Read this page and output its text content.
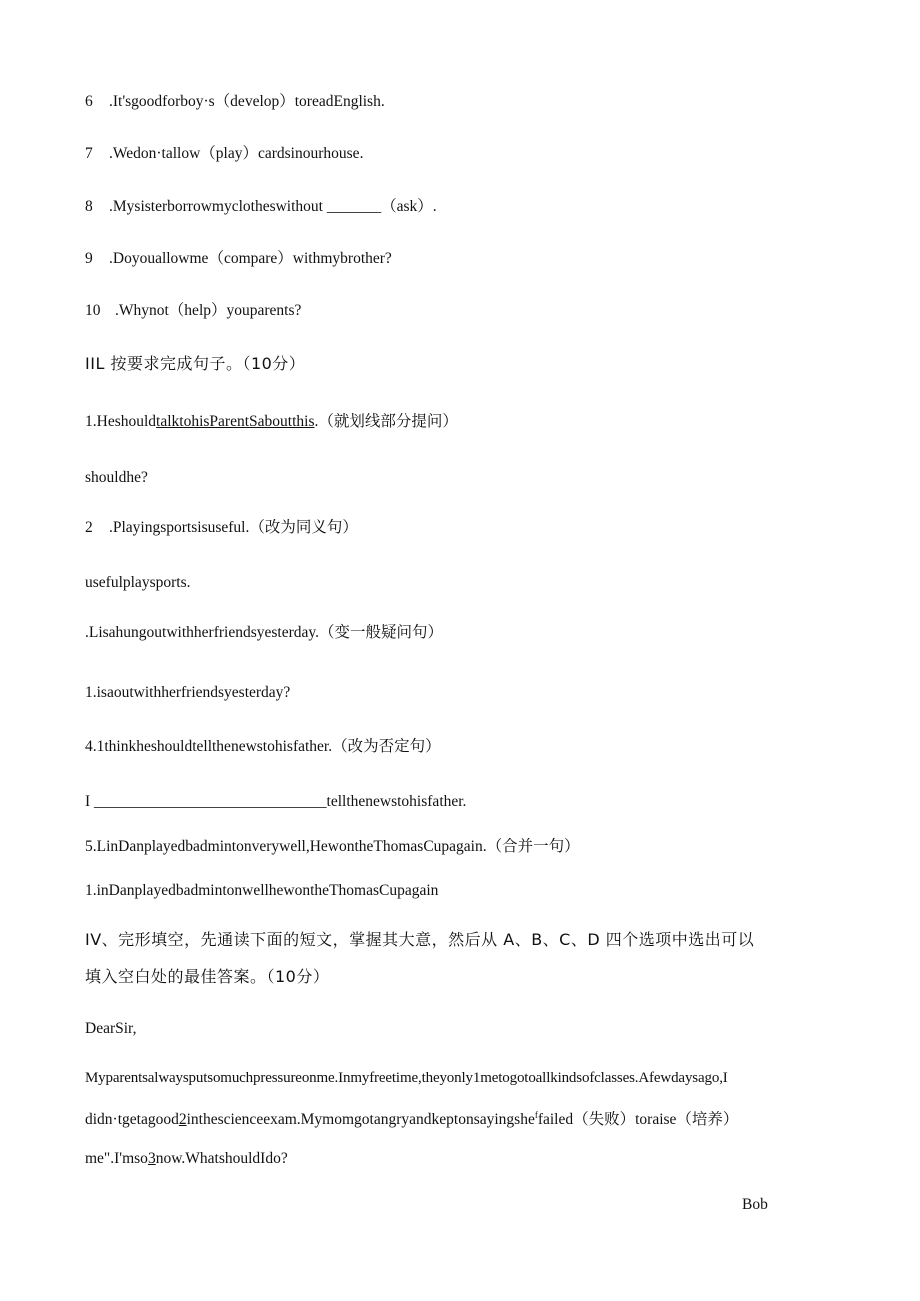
6 .It'sgoodforboy·s（develop）toreadEnglish.
7 .Wedon·tallow（play）cardsinourhouse.
8 .Mysisterborrowmyclotheswithout _______（ask）.
9 .Doyouallowme（compare）withmybrother?
10 .Whynot（help）youparents?
IIL 按要求完成句子。（10分）
1.HeshouldtalktohisParentSaboutthis.（就划线部分提问）
shouldhe?
2 .Playingsportsisuseful.（改为同义句）
usefulplaysports.
.Lisahungoutwithherfriendsyesterday.（变一般疑问句）
1.isaoutwithherfriendsyesterday?
4.1thinkheshouldtellthenewstohisfather.（改为否定句）
I ______________________________tellthenewstohisfather.
5.LinDanplayedbadmintonverywell,HewontheThomasCupagain.（合并一句）
1.inDanplayedbadmintonwellhewontheThomasCupagain
IV、完形填空，先通读下面的短文，掌握其大意，然后从 A、B、C、D 四个选项中选出可以
填入空白处的最佳答案。（10分）
DearSir,
Myparentsalwaysputsomuchpressureonme.Inmyfreetime,theyonly1metogotoallkindsofclasses.Afewdaysago,I
didn·tgetagood2inthescienceexam.Mymomgotangryandkeptonsayingshe$^f$failed（失败）toraise（培养）
me".I'mso3now.WhatshouldIdo?
Bob
